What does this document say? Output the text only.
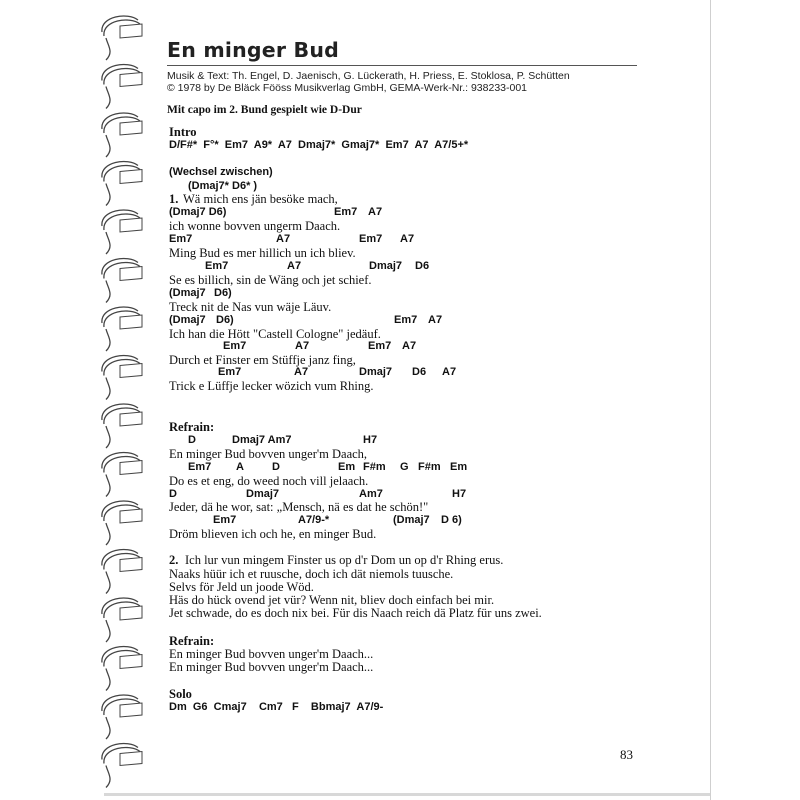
En minger Bud
Musik & Text: Th. Engel, D. Jaenisch, G. Lückerath, H. Priess, E. Stoklosa, P. Schütten
© 1978 by De Bläck Fööss Musikverlag GmbH, GEMA-Werk-Nr.: 938233-001
Mit capo im 2. Bund gespielt wie D-Dur
Intro
D/F#* F°* Em7 A9* A7 Dmaj7* Gmaj7* Em7 A7 A7/5+*
(Wechsel zwischen)
(Dmaj7* D6* )
1. Wä mich ens jän besöke mach,
(Dmaj7 D6)	Em7 A7
ich wonne bovven ungerm Daach.
Em7	A7	Em7 A7
Ming Bud es mer hillich un ich bliev.
Em7	A7	Dmaj7 D6
Se es billich, sin de Wäng och jet schief.
(Dmaj7 D6)
Treck nit de Nas vun wäje Läuv.
(Dmaj7 D6)	Em7 A7
Ich han die Hött "Castell Cologne" jedäuf.
Em7	A7	Em7 A7
Durch et Finster em Stüffje janz fing,
Em7	A7	Dmaj7 D6 A7
Trick e Lüffje lecker wözich vum Rhing.
Refrain:
D	Dmaj7 Am7	H7
En minger Bud bovven unger'm Daach,
Em7 A	D	Em F#m G F#m Em
Do es et eng, do weed noch vill jelaach.
D	Dmaj7	Am7	H7
Jeder, dä he wor, sat: „Mensch, nä es dat he schön!"
Em7	A7/9-*	(Dmaj7 D 6)
Dröm blieven ich och he, en minger Bud.
2. Ich lur vun mingem Finster us op d'r Dom un op d'r Rhing erus.
Naaks hüür ich et ruusche, doch ich dät niemols tuusche.
Selvs för Jeld un joode Wöd.
Häs do hück ovend jet vür? Wenn nit, bliev doch einfach bei mir.
Jet schwade, do es doch nix bei. Für dis Naach reich dä Platz für uns zwei.
Refrain:
En minger Bud bovven unger'm Daach...
En minger Bud bovven unger'm Daach...
Solo
Dm G6 Cmaj7 Cm7 F Bbmaj7 A7/9-
83
